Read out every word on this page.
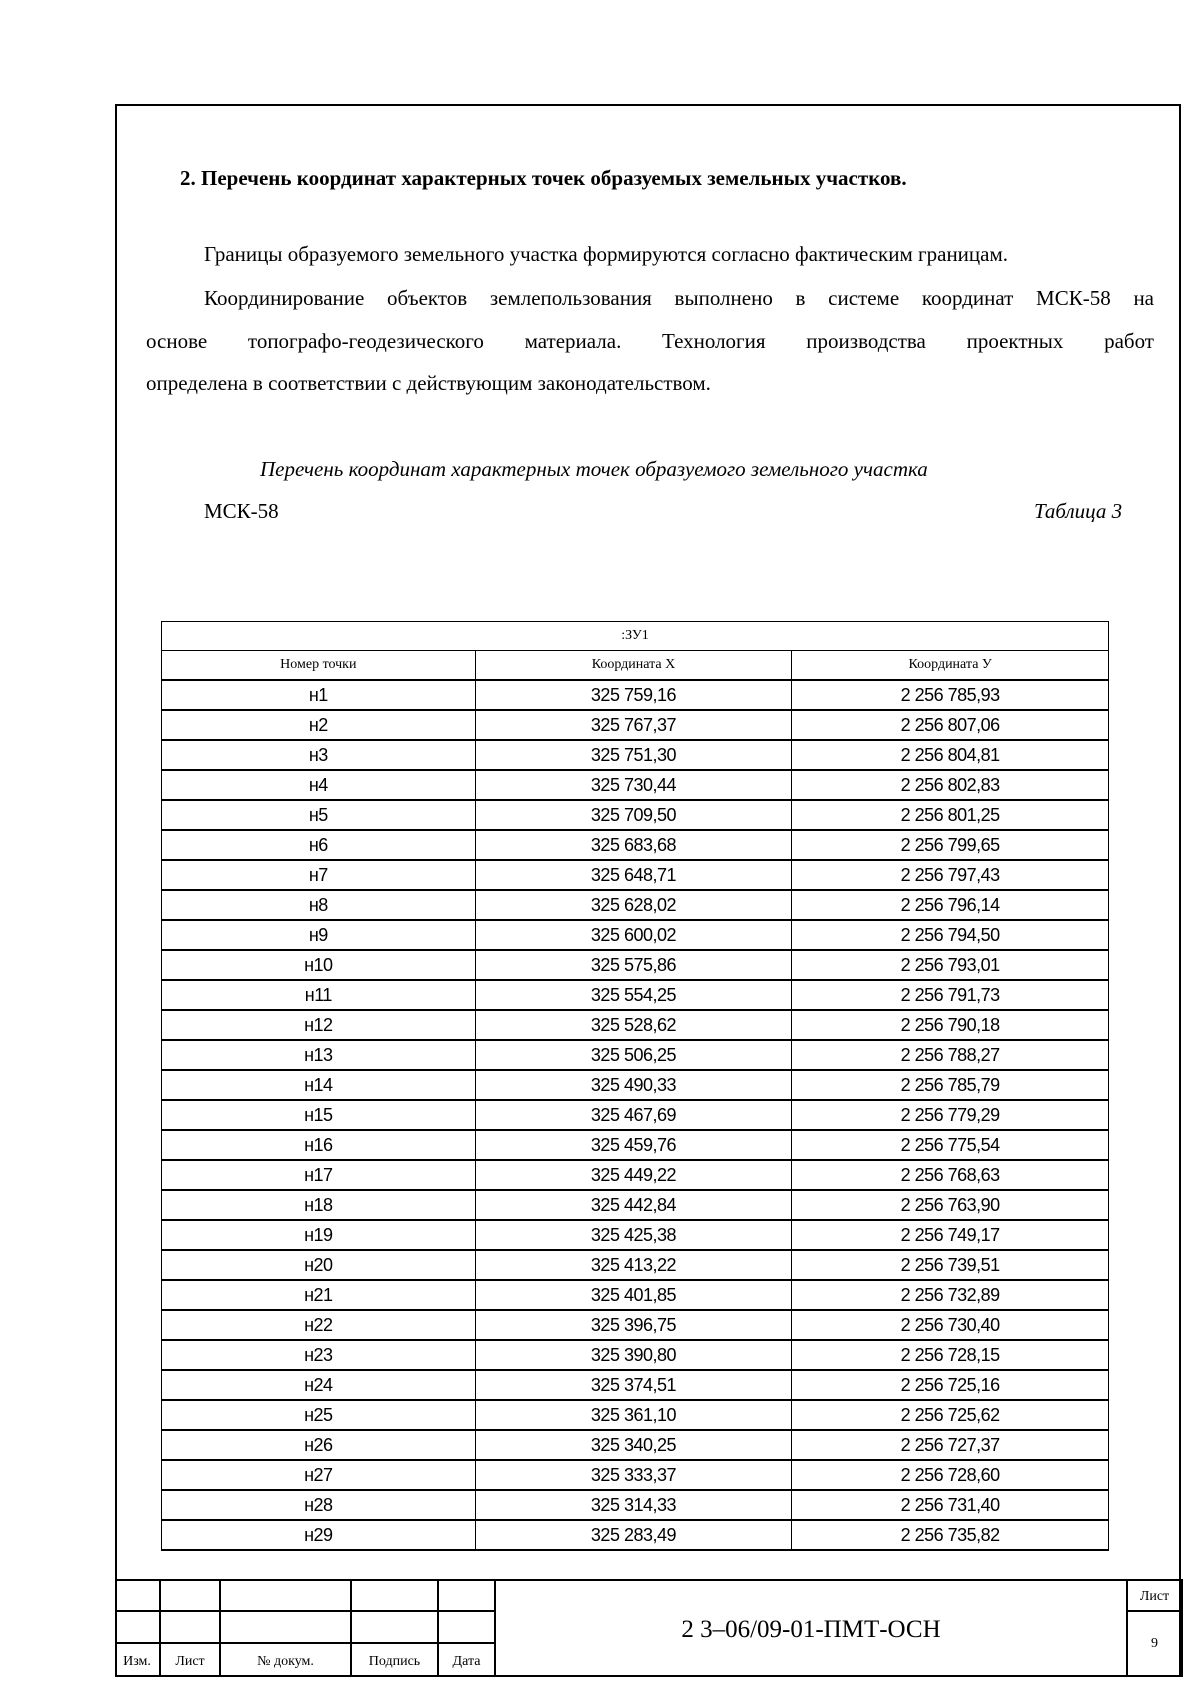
2. Перечень координат характерных точек образуемых земельных участков.
Границы образуемого земельного участка формируются согласно фактическим границам.
Координирование объектов землепользования выполнено в системе координат МСК-58 на
основе топографо-геодезического материала. Технология производства проектных работ
определена в соответствии с действующим законодательством.
Перечень координат характерных точек образуемого земельного участка
МСК-58	Таблица 3
:ЗУ1		
Номер точки	Координата X	Координата У
н1	325 759,16	2 256 785,93
н2	325 767,37	2 256 807,06
н3	325 751,30	2 256 804,81
н4	325 730,44	2 256 802,83
н5	325 709,50	2 256 801,25
н6	325 683,68	2 256 799,65
н7	325 648,71	2 256 797,43
н8	325 628,02	2 256 796,14
н9	325 600,02	2 256 794,50
н10	325 575,86	2 256 793,01
н11	325 554,25	2 256 791,73
н12	325 528,62	2 256 790,18
н13	325 506,25	2 256 788,27
н14	325 490,33	2 256 785,79
н15	325 467,69	2 256 779,29
н16	325 459,76	2 256 775,54
н17	325 449,22	2 256 768,63
н18	325 442,84	2 256 763,90
н19	325 425,38	2 256 749,17
н20	325 413,22	2 256 739,51
н21	325 401,85	2 256 732,89
н22	325 396,75	2 256 730,40
н23	325 390,80	2 256 728,15
н24	325 374,51	2 256 725,16
н25	325 361,10	2 256 725,62
н26	325 340,25	2 256 727,37
н27	325 333,37	2 256 728,60
н28	325 314,33	2 256 731,40
н29	325 283,49	2 256 735,82
Изм.	Лист	№ докум.	Подпись	Дата
2 3–06/09-01-ПМТ-ОСН
Лист
9
